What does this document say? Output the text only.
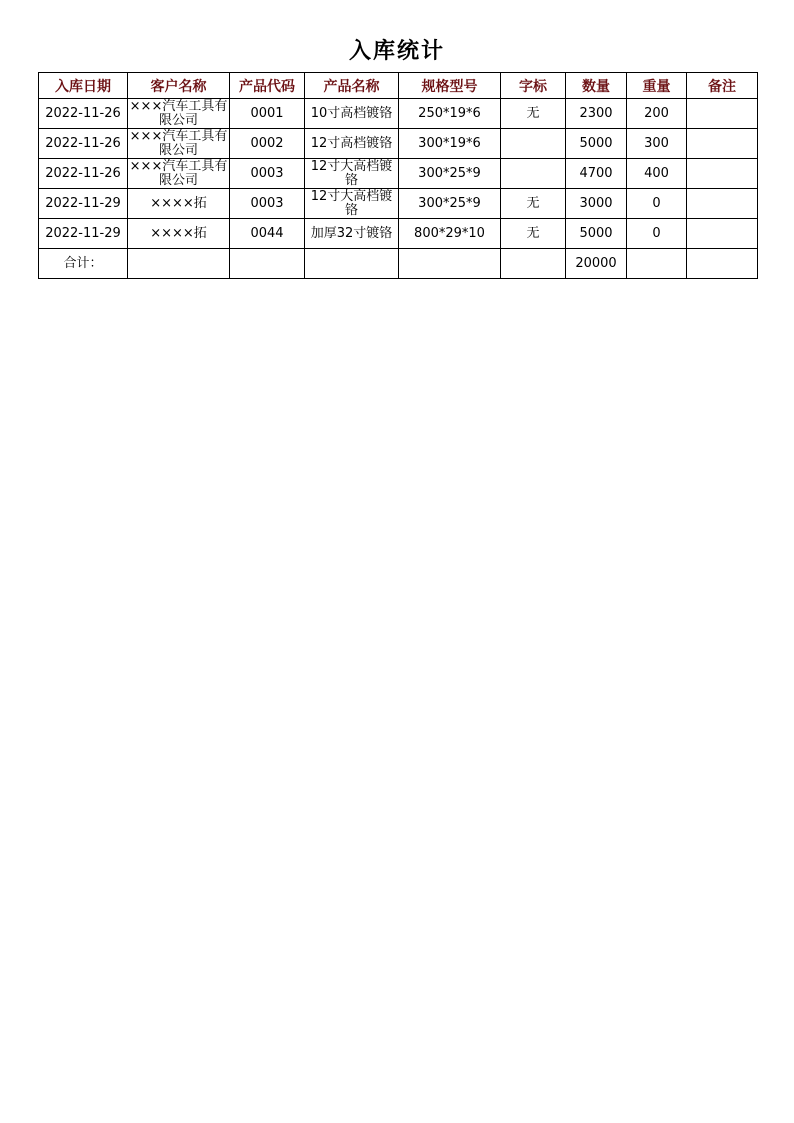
入库统计
入库日期	客户名称	产品代码	产品名称	规格型号	字标	数量	重量	备注
2022-11-26	×××汽车工具有限公司	0001	10寸高档镀铬	250*19*6	无	2300	200	
2022-11-26	×××汽车工具有限公司	0002	12寸高档镀铬	300*19*6		5000	300	
2022-11-26	×××汽车工具有限公司	0003	12寸大高档镀铬	300*25*9		4700	400	
2022-11-29	××××拓	0003	12寸大高档镀铬	300*25*9	无	3000	0	
2022-11-29	××××拓	0044	加厚32寸镀铬	800*29*10	无	5000	0	
合计：						20000		
